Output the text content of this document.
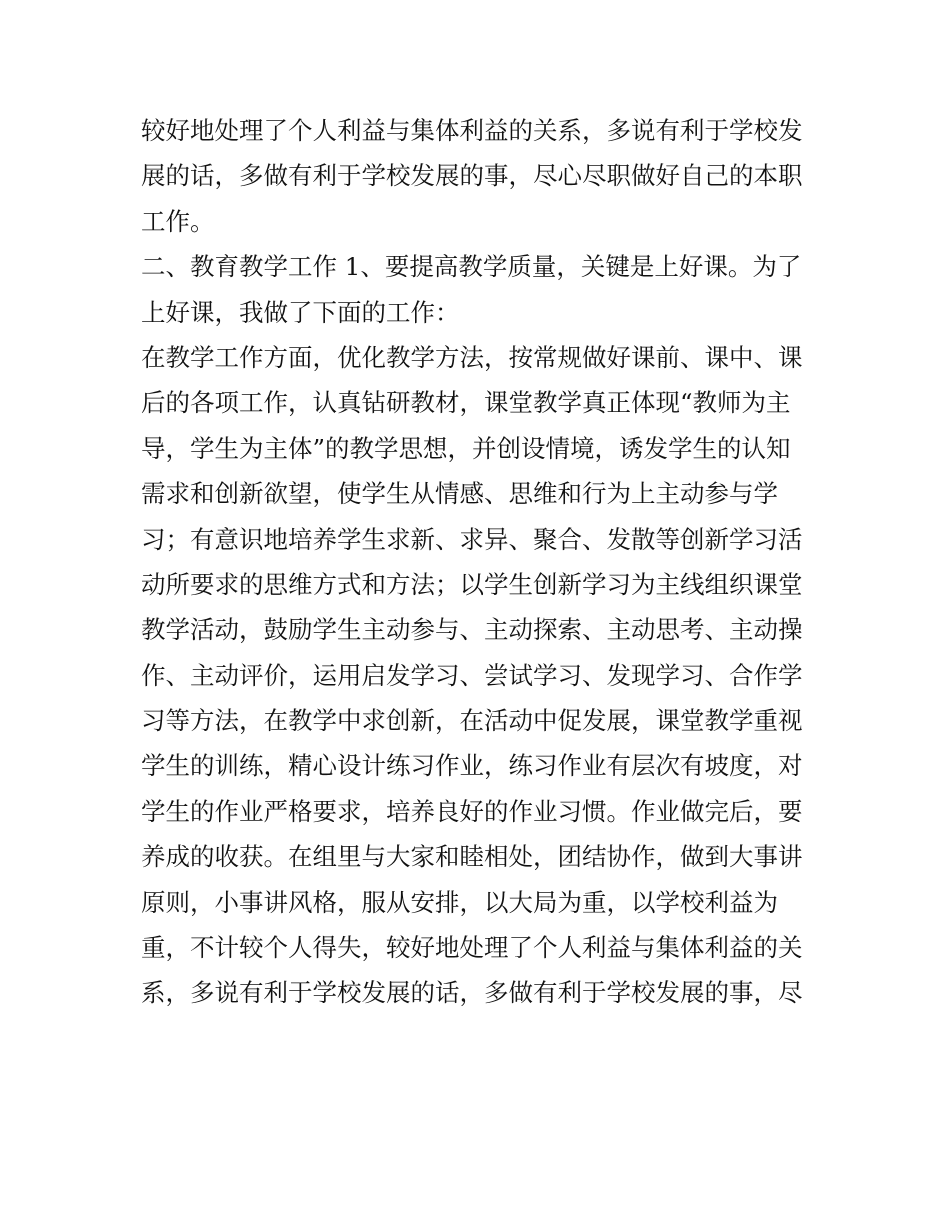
较好地处理了个人利益与集体利益的关系，多说有利于学校发
展的话，多做有利于学校发展的事，尽心尽职做好自己的本职
工作。
二、教育教学工作 1、要提高教学质量，关键是上好课。为了
上好课，我做了下面的工作：
在教学工作方面，优化教学方法，按常规做好课前、课中、课
后的各项工作，认真钻研教材，课堂教学真正体现“教师为主
导，学生为主体”的教学思想，并创设情境，诱发学生的认知
需求和创新欲望，使学生从情感、思维和行为上主动参与学
习；有意识地培养学生求新、求异、聚合、发散等创新学习活
动所要求的思维方式和方法；以学生创新学习为主线组织课堂
教学活动，鼓励学生主动参与、主动探索、主动思考、主动操
作、主动评价，运用启发学习、尝试学习、发现学习、合作学
习等方法，在教学中求创新，在活动中促发展，课堂教学重视
学生的训练，精心设计练习作业，练习作业有层次有坡度，对
学生的作业严格要求，培养良好的作业习惯。作业做完后，要
养成的收获。在组里与大家和睦相处，团结协作，做到大事讲
原则，小事讲风格，服从安排，以大局为重，以学校利益为
重，不计较个人得失，较好地处理了个人利益与集体利益的关
系，多说有利于学校发展的话，多做有利于学校发展的事，尽
